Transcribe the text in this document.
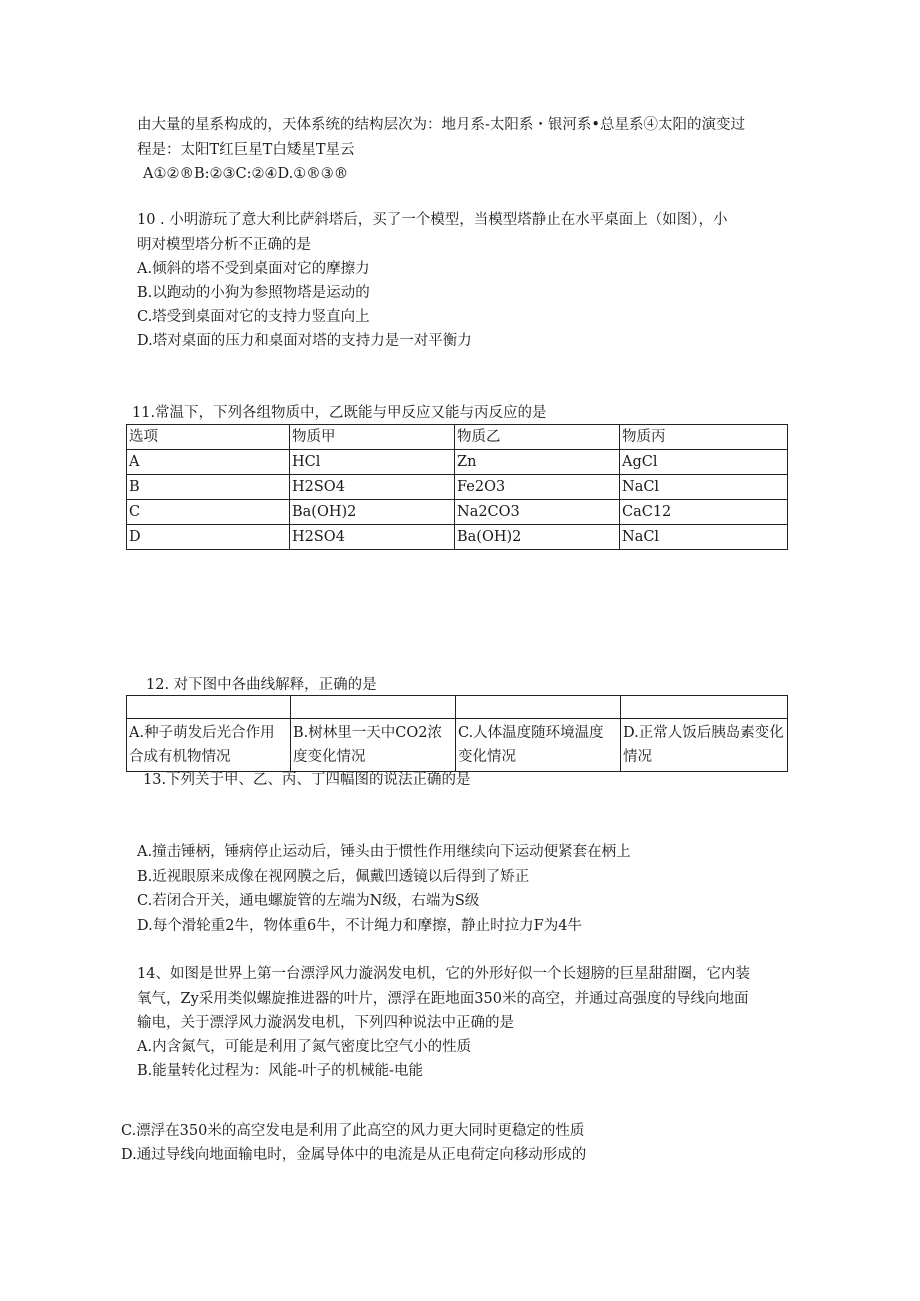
由大量的星系构成的，天体系统的结构层次为：地月系-太阳系・银河系•总星系④太阳的演变过
程是：太阳T红巨星T白矮星T星云
A①②®B:②③C:②④D.①®③®
10 . 小明游玩了意大利比萨斜塔后，买了一个模型，当模型塔静止在水平桌面上（如图），小
明对模型塔分析不正确的是
A.倾斜的塔不受到桌面对它的摩擦力
B.以跑动的小狗为参照物塔是运动的
C.塔受到桌面对它的支持力竖直向上
D.塔对桌面的压力和桌面对塔的支持力是一对平衡力
11.常温下，下列各组物质中，乙既能与甲反应又能与丙反应的是
选项	物质甲	物质乙	物质丙
A	HCl	Zn	AgCl
B	H2SO4	Fe2O3	NaCl
C	Ba(OH)2	Na2CO3	CaC12
D	H2SO4	Ba(OH)2	NaCl
12. 对下图中各曲线解释，正确的是

A.种子萌发后光合作用合成有机物情况	B.树林里一天中CO2浓度变化情况	C.人体温度随环境温度变化情况	D.正常人饭后胰岛素变化情况
13.下列关于甲、乙、丙、丁四幅图的说法正确的是
A.撞击锤柄，锤病停止运动后，锤头由于惯性作用继续向下运动便紧套在柄上
B.近视眼原来成像在视网膜之后，佩戴凹透镜以后得到了矫正
C.若闭合开关，通电螺旋管的左端为N级，右端为S级
D.每个滑轮重2牛，物体重6牛，不计绳力和摩擦，静止时拉力F为4牛
14、如图是世界上第一台漂浮风力漩涡发电机，它的外形好似一个长翅膀的巨星甜甜圈，它内装
氧气，Zy采用类似螺旋推进器的叶片，漂浮在距地面350米的高空，并通过高强度的导线向地面
输电，关于漂浮风力漩涡发电机，下列四种说法中正确的是
A.内含氮气，可能是利用了氮气密度比空气小的性质
B.能量转化过程为：风能-叶子的机械能-电能
C.漂浮在350米的高空发电是利用了此高空的风力更大同时更稳定的性质
D.通过导线向地面输电时，金属导体中的电流是从正电荷定向移动形成的
